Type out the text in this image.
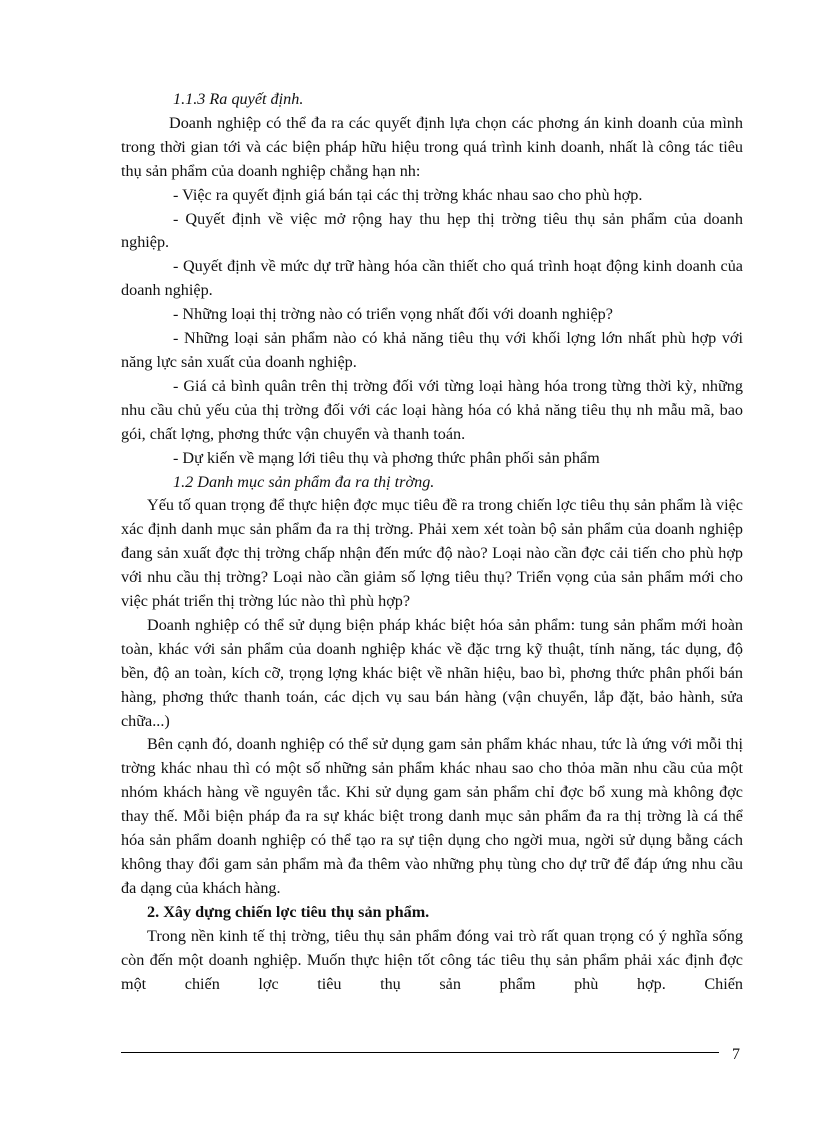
1.1.3 Ra quyết định.

Doanh nghiệp có thể đa ra các quyết định lựa chọn các phơng án kinh doanh của mình trong thời gian tới và các biện pháp hữu hiệu trong quá trình kinh doanh, nhất là công tác tiêu thụ sản phẩm của doanh nghiệp chẳng hạn nh:

- Việc ra quyết định giá bán tại các thị trờng khác nhau sao cho phù hợp.

- Quyết định về việc mở rộng hay thu hẹp thị trờng tiêu thụ sản phẩm của doanh nghiệp.

- Quyết định về mức dự trữ hàng hóa cần thiết cho quá trình hoạt động kinh doanh của doanh nghiệp.

- Những loại thị trờng nào có triển vọng nhất đối với doanh nghiệp?

- Những loại sản phẩm nào có khả năng tiêu thụ với khối lợng lớn nhất phù hợp với năng lực sản xuất của doanh nghiệp.

- Giá cả bình quân trên thị trờng đối với từng loại hàng hóa trong từng thời kỳ, những nhu cầu chủ yếu của thị trờng đối với các loại hàng hóa có khả năng tiêu thụ nh mẫu mã, bao gói, chất lợng, phơng thức vận chuyển và thanh toán.

- Dự kiến về mạng lới tiêu thụ và phơng thức phân phối sản phẩm

1.2 Danh mục sản phẩm đa ra thị trờng.

Yếu tố quan trọng để thực hiện đợc mục tiêu đề ra trong chiến lợc tiêu thụ sản phẩm là việc xác định danh mục sản phẩm đa ra thị trờng. Phải xem xét toàn bộ sản phẩm của doanh nghiệp đang sản xuất đợc thị trờng chấp nhận đến mức độ nào? Loại nào cần đợc cải tiến cho phù hợp với nhu cầu thị trờng? Loại nào cần giảm số lợng tiêu thụ? Triển vọng của sản phẩm mới cho việc phát triển thị trờng lúc nào thì phù hợp?

Doanh nghiệp có thể sử dụng biện pháp khác biệt hóa sản phẩm: tung sản phẩm mới hoàn toàn, khác với sản phẩm của doanh nghiệp khác về đặc trng kỹ thuật, tính năng, tác dụng, độ bền, độ an toàn, kích cỡ, trọng lợng khác biệt về nhãn hiệu, bao bì, phơng thức phân phối bán hàng, phơng thức thanh toán, các dịch vụ sau bán hàng (vận chuyển, lắp đặt, bảo hành, sửa chữa...)

Bên cạnh đó, doanh nghiệp có thể sử dụng gam sản phẩm khác nhau, tức là ứng với mỗi thị trờng khác nhau thì có một số những sản phẩm khác nhau sao cho thỏa mãn nhu cầu của một nhóm khách hàng về nguyên tắc. Khi sử dụng gam sản phẩm chỉ đợc bổ xung mà không đợc thay thế. Mỗi biện pháp đa ra sự khác biệt trong danh mục sản phẩm đa ra thị trờng là cá thể hóa sản phẩm doanh nghiệp có thể tạo ra sự tiện dụng cho ngời mua, ngời sử dụng bằng cách không thay đổi gam sản phẩm mà đa thêm vào những phụ tùng cho dự trữ để đáp ứng nhu cầu đa dạng của khách hàng.

2. Xây dựng chiến lợc tiêu thụ sản phẩm.

Trong nền kinh tế thị trờng, tiêu thụ sản phẩm đóng vai trò rất quan trọng có ý nghĩa sống còn đến một doanh nghiệp. Muốn thực hiện tốt công tác tiêu thụ sản phẩm phải xác định đợc một chiến lợc tiêu thụ sản phẩm phù hợp. Chiến

7
